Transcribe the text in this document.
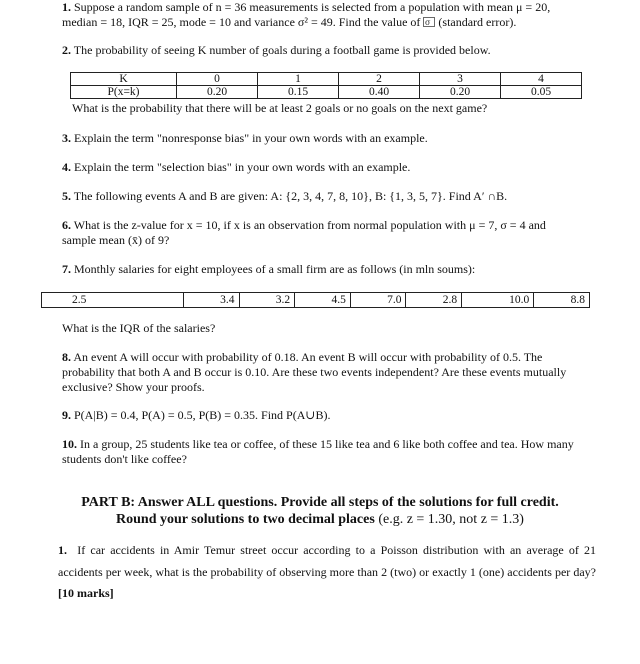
1. Suppose a random sample of n = 36 measurements is selected from a population with mean μ = 20, median = 18, IQR = 25, mode = 10 and variance σ² = 49. Find the value of σ (standard error).
2. The probability of seeing K number of goals during a football game is provided below.
K	0	1	2	3	4
P(x=k)	0.20	0.15	0.40	0.20	0.05
What is the probability that there will be at least 2 goals or no goals on the next game?
3. Explain the term "nonresponse bias" in your own words with an example.
4. Explain the term "selection bias" in your own words with an example.
5. The following events A and B are given: A: {2, 3, 4, 7, 8, 10}, B: {1, 3, 5, 7}. Find A′ ∩B.
6. What is the z-value for x = 10, if x is an observation from normal population with μ = 7, σ = 4 and sample mean (x̄) of 9?
7. Monthly salaries for eight employees of a small firm are as follows (in mln soums):
2.5	3.4	3.2	4.5	7.0	2.8	10.0	8.8
What is the IQR of the salaries?
8. An event A will occur with probability of 0.18. An event B will occur with probability of 0.5. The probability that both A and B occur is 0.10. Are these two events independent? Are these events mutually exclusive? Show your proofs.
9. P(A|B) = 0.4, P(A) = 0.5, P(B) = 0.35. Find P(A∪B).
10. In a group, 25 students like tea or coffee, of these 15 like tea and 6 like both coffee and tea. How many students don't like coffee?
PART B: Answer ALL questions. Provide all steps of the solutions for full credit.
Round your solutions to two decimal places (e.g. z = 1.30, not z = 1.3)
1. If car accidents in Amir Temur street occur according to a Poisson distribution with an average of 21 accidents per week, what is the probability of observing more than 2 (two) or exactly 1 (one) accidents per day? [10 marks]
